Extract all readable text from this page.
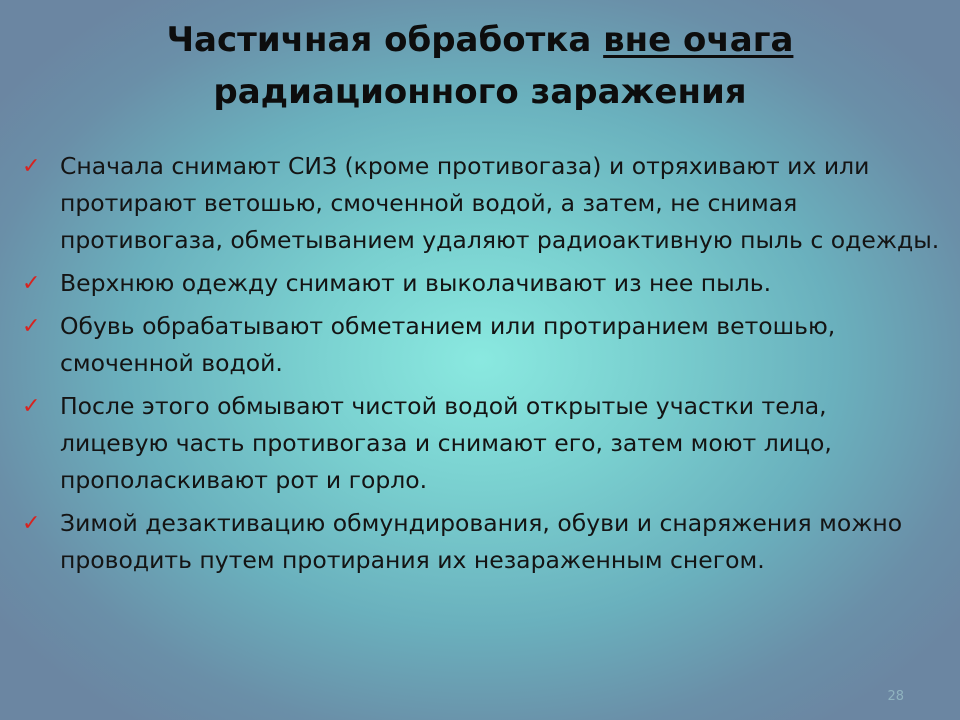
Частичная обработка вне очага
радиационного заражения
✓ Сначала снимают СИЗ (кроме противогаза) и отряхивают их или протирают ветошью, смоченной водой, а затем, не снимая противогаза, обметыванием удаляют радиоактивную пыль с одежды.
✓ Верхнюю одежду снимают и выколачивают из нее пыль.
✓ Обувь обрабатывают обметанием или протиранием ветошью, смоченной водой.
✓ После этого обмывают чистой водой открытые участки тела, лицевую часть противогаза и снимают его, затем моют лицо, прополаскивают рот и горло.
✓ Зимой дезактивацию обмундирования, обуви и снаряжения можно проводить путем протирания их незараженным снегом.
28
